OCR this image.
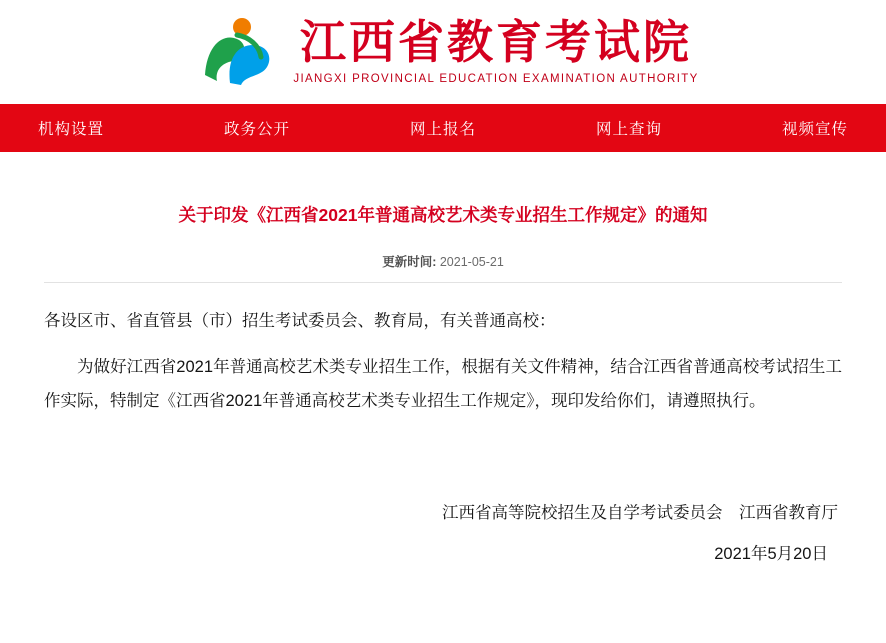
江西省教育考试院
JIANGXI PROVINCIAL EDUCATION EXAMINATION AUTHORITY
机构设置	政务公开	网上报名	网上查询	视频宣传
关于印发《江西省2021年普通高校艺术类专业招生工作规定》的通知
更新时间: 2021-05-21

各设区市、省直管县（市）招生考试委员会、教育局，有关普通高校：

为做好江西省2021年普通高校艺术类专业招生工作，根据有关文件精神，结合江西省普通高校考试招生工作实际，特制定《江西省2021年普通高校艺术类专业招生工作规定》，现印发给你们，请遵照执行。

江西省高等院校招生及自学考试委员会　江西省教育厅
2021年5月20日
